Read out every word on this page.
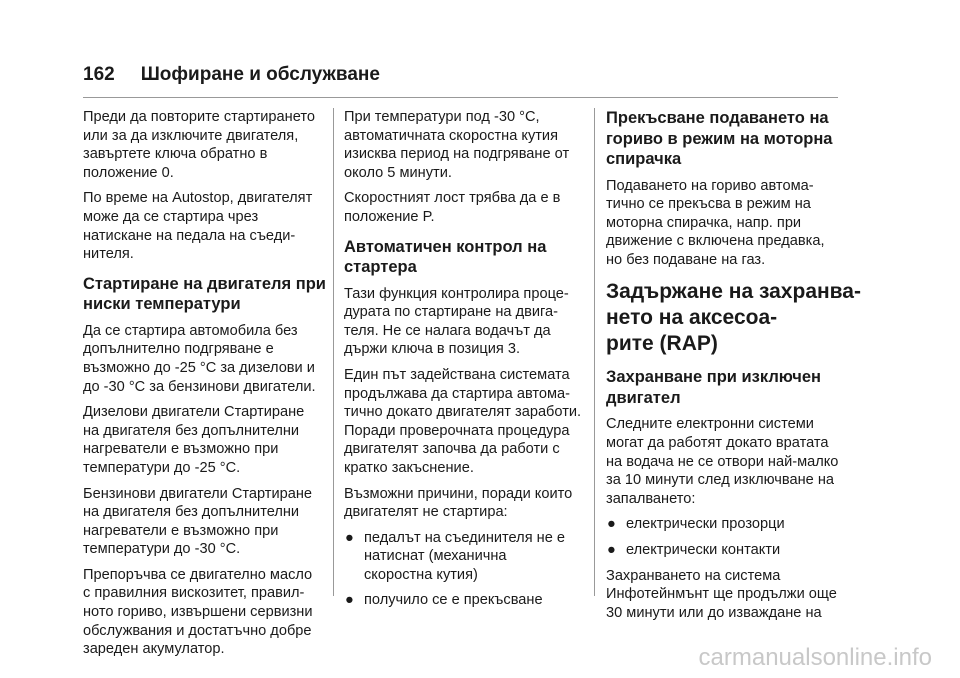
162 Шофиране и обслужване
Преди да повторите стартирането
или за да изключите двигателя,
завъртете ключа обратно в
положение 0.
По време на Autostop, двигателят
може да се стартира чрез
натискане на педала на съеди-
нителя.
Стартиране на двигателя при
ниски температури
Да се стартира автомобила без
допълнително подгряване е
възможно до -25 °C за дизелови и
до -30 °C за бензинови двигатели.
Дизелови двигатели Стартиране
на двигателя без допълнителни
нагреватели е възможно при
температури до -25 °C.
Бензинови двигатели Стартиране
на двигателя без допълнителни
нагреватели е възможно при
температури до -30 °C.
Препоръчва се двигателно масло
с правилния вискозитет, правил-
ното гориво, извършени сервизни
обслужвания и достатъчно добре
зареден акумулатор.
При температури под -30 °C,
автоматичната скоростна кутия
изисква период на подгряване от
около 5 минути.
Скоростният лост трябва да е в
положение P.
Автоматичен контрол на
стартера
Тази функция контролира проце-
дурата по стартиране на двига-
теля. Не се налага водачът да
държи ключа в позиция 3.
Един път задействана системата
продължава да стартира автома-
тично докато двигателят заработи.
Поради проверочната процедура
двигателят започва да работи с
кратко закъснение.
Възможни причини, поради които
двигателят не стартира:
● педалът на съединителя не е
натиснат (механична
скоростна кутия)
● получило се е прекъсване
Прекъсване подаването на
гориво в режим на моторна
спирачка
Подаването на гориво автома-
тично се прекъсва в режим на
моторна спирачка, напр. при
движение с включена предавка,
но без подаване на газ.
Задържане на захранва-
нето на аксесоа-
рите (RAP)
Захранване при изключен
двигател
Следните електронни системи
могат да работят докато вратата
на водача не се отвори най-малко
за 10 минути след изключване на
запалването:
● електрически прозорци
● електрически контакти
Захранването на система
Инфотейнмънт ще продължи още
30 минути или до изваждане на
carmanualsonline.info
